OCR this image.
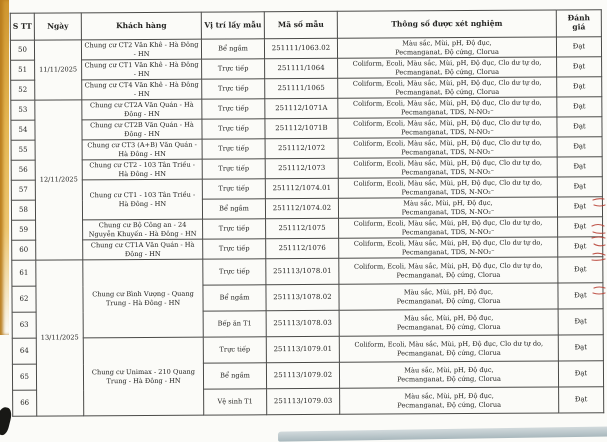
S TT	Ngày	Khách hàng	Vị trí lấy mẫu	Mã số mẫu	Thông số được xét nghiệm	Đánh giá

50	11/11/2025	Chung cư CT2 Văn Khê - Hà Đông - HN	Bể ngầm	251111/1063.02	Màu sắc, Mùi, pH, Độ đục,
Pecmanganat, Độ cứng, Clorua	Đạt
51		Chung cư CT1 Văn Khê - Hà Đông - HN	Trực tiếp	251111/1064	Coliform, Ecoli, Màu sắc, Mùi, pH, Độ đục, Clo dư tự do,
Pecmanganat, Độ cứng, Clorua	Đạt
52		Chung cư CT4 Văn Khê - Hà Đông - HN	Trực tiếp	251111/1065	Coliform, Ecoli, Màu sắc, Mùi, pH, Độ đục, Clo dư tự do,
Pecmanganat, Độ cứng, Clorua	Đạt
53	12/11/2025	Chung cư CT2A Văn Quán - Hà Đông - HN	Trực tiếp	251112/1071A	Coliform, Ecoli, Màu sắc, Mùi, pH, Độ đục, Clo dư tự do,
Pecmanganat, TDS, N-NO₂⁻	Đạt
54		Chung cư CT2B Văn Quán - Hà Đông - HN	Trực tiếp	251112/1071B	Coliform, Ecoli, Màu sắc, Mùi, pH, Độ đục, Clo dư tự do,
Pecmanganat, TDS, N-NO₂⁻	Đạt
55		Chung cư CT3 (A+B) Văn Quán - Hà Đông - HN	Trực tiếp	251112/1072	Coliform, Ecoli, Màu sắc, Mùi, pH, Độ đục, Clo dư tự do,
Pecmanganat, TDS, N-NO₂⁻	Đạt
56		Chung cư CT2 - 103 Tân Triều - Hà Đông - HN	Trực tiếp	251112/1073	Coliform, Ecoli, Màu sắc, Mùi, pH, Độ đục, Clo dư tự do,
Pecmanganat, TDS, N-NO₂⁻	Đạt
57		Chung cư CT1 - 103 Tân Triều - Hà Đông - HN	Trực tiếp	251112/1074.01	Coliform, Ecoli, Màu sắc, Mùi, pH, Độ đục, Clo dư tự do,
Pecmanganat, TDS, N-NO₂⁻	Đạt
58			Bể ngầm	251112/1074.02	Màu sắc, Mùi, pH, Độ đục,
Pecmanganat, TDS, N-NO₂⁻	Đạt
59		Chung cư Bộ Công an - 24 Nguyễn Khuyến - Hà Đông - HN	Trực tiếp	251112/1075	Coliform, Ecoli, Màu sắc, Mùi, pH, Độ đục, Clo dư tự do,
Pecmanganat, TDS, N-NO₂⁻	Đạt
60		Chung cư CT1A Văn Quán - Hà Đông - HN	Trực tiếp	251112/1076	Coliform, Ecoli, Màu sắc, Mùi, pH, Độ đục, Clo dư tự do,
Pecmanganat, TDS, N-NO₂⁻	Đạt
61	13/11/2025	Chung cư Bình Vượng - Quang Trung - Hà Đông - HN	Trực tiếp	251113/1078.01	Coliform, Ecoli, Màu sắc, Mùi, pH, Độ đục, Clo dư tự do,
Pecmanganat, Độ cứng, Clorua	Đạt
62			Bể ngầm	251113/1078.02	Màu sắc, Mùi, pH, Độ đục,
Pecmanganat, Độ cứng, Clorua	Đạt
63			Bếp ăn T1	251113/1078.03	Màu sắc, Mùi, pH, Độ đục,
Pecmanganat, Độ cứng, Clorua	Đạt
64		Chung cư Unimax - 210 Quang Trung - Hà Đông - HN	Trực tiếp	251113/1079.01	Coliform, Ecoli, Màu sắc, Mùi, pH, Độ đục, Clo dư tự do,
Pecmanganat, Độ cứng, Clorua	Đạt
65			Bể ngầm	251113/1079.02	Màu sắc, Mùi, pH, Độ đục,
Pecmanganat, Độ cứng, Clorua	Đạt
66			Vệ sinh T1	251113/1079.03	Màu sắc, Mùi, pH, Độ đục,
Pecmanganat, Độ cứng, Clorua	Đạt
